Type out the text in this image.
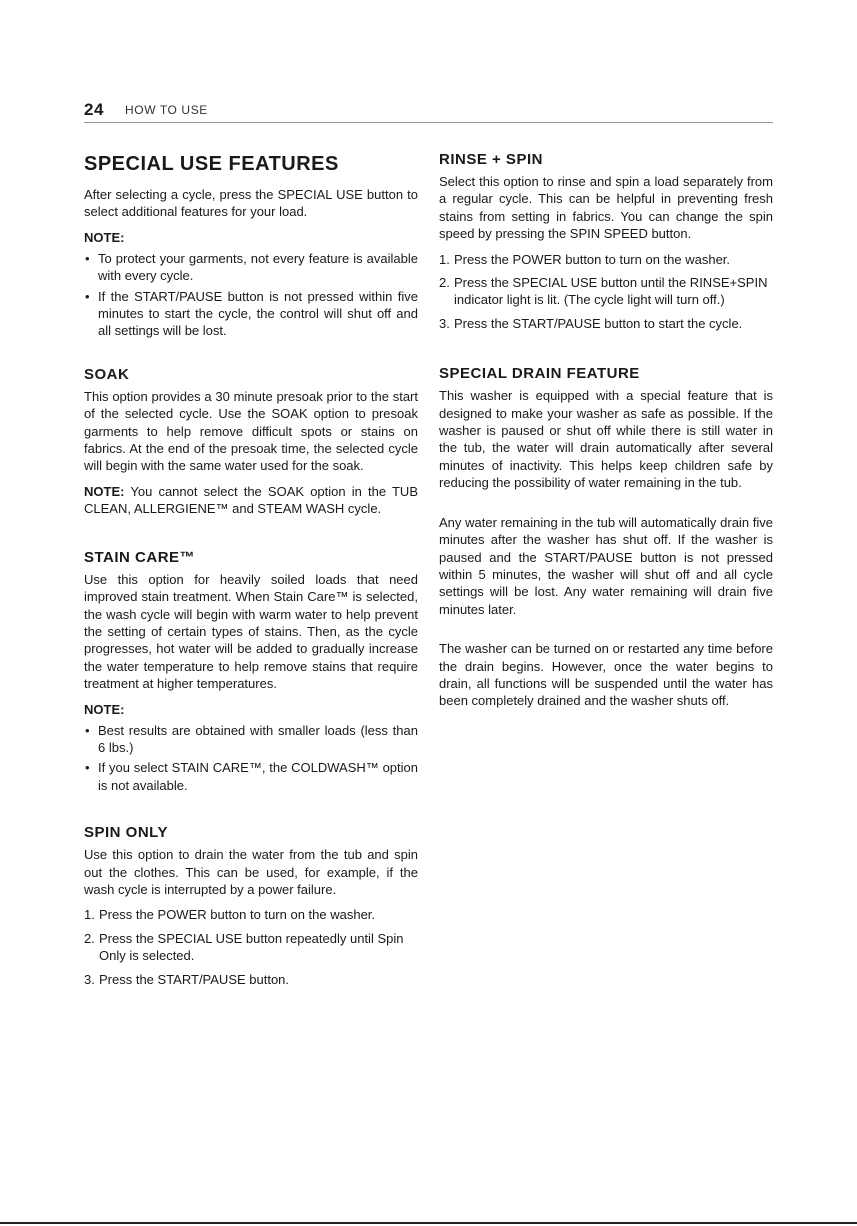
24 HOW TO USE
SPECIAL USE FEATURES

After selecting a cycle, press the SPECIAL USE button to select additional features for your load.

NOTE:
• To protect your garments, not every feature is available with every cycle.
• If the START/PAUSE button is not pressed within five minutes to start the cycle, the control will shut off and all settings will be lost.
SOAK

This option provides a 30 minute presoak prior to the start of the selected cycle. Use the SOAK option to presoak garments to help remove difficult spots or stains on fabrics. At the end of the presoak time, the selected cycle will begin with the same water used for the soak.

NOTE: You cannot select the SOAK option in the TUB CLEAN, ALLERGIENE™ and STEAM WASH cycle.

STAIN CARE™

Use this option for heavily soiled loads that need improved stain treatment. When Stain Care™ is selected, the wash cycle will begin with warm water to help prevent the setting of certain types of stains. Then, as the cycle progresses, hot water will be added to gradually increase the water temperature to help remove stains that require treatment at higher temperatures.

NOTE:
• Best results are obtained with smaller loads (less than 6 lbs.)
• If you select STAIN CARE™, the COLDWASH™ option is not available.
SPIN ONLY

Use this option to drain the water from the tub and spin out the clothes. This can be used, for example, if the wash cycle is interrupted by a power failure.

1. Press the POWER button to turn on the washer.
2. Press the SPECIAL USE button repeatedly until Spin Only is selected.
3. Press the START/PAUSE button.
RINSE + SPIN

Select this option to rinse and spin a load separately from a regular cycle. This can be helpful in preventing fresh stains from setting in fabrics. You can change the spin speed by pressing the SPIN SPEED button.

1. Press the POWER button to turn on the washer.
2. Press the SPECIAL USE button until the RINSE+SPIN indicator light is lit. (The cycle light will turn off.)
3. Press the START/PAUSE button to start the cycle.
SPECIAL DRAIN FEATURE

This washer is equipped with a special feature that is designed to make your washer as safe as possible. If the washer is paused or shut off while there is still water in the tub, the water will drain automatically after several minutes of inactivity. This helps keep children safe by reducing the possibility of water remaining in the tub.

Any water remaining in the tub will automatically drain five minutes after the washer has shut off. If the washer is paused and the START/PAUSE button is not pressed within 5 minutes, the washer will shut off and all cycle settings will be lost. Any water remaining will drain five minutes later.

The washer can be turned on or restarted any time before the drain begins. However, once the water begins to drain, all functions will be suspended until the water has been completely drained and the washer shuts off.
